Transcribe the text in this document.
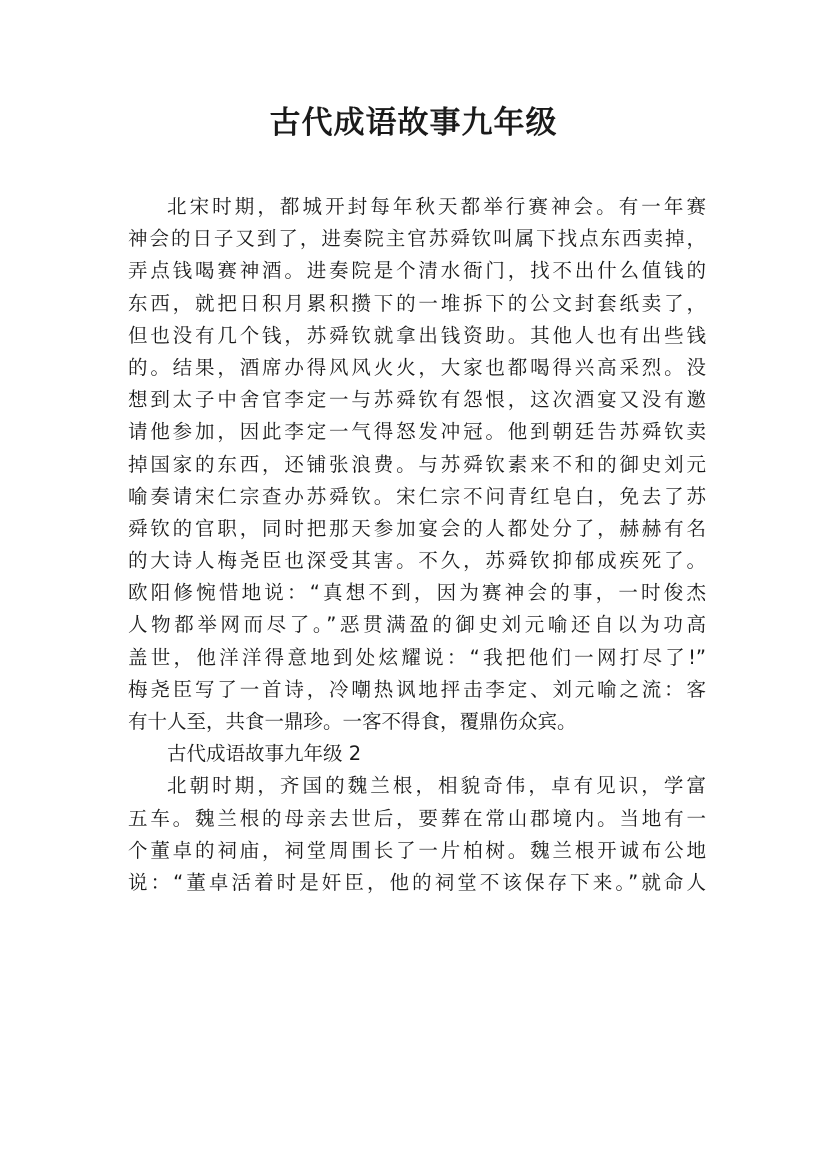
古代成语故事九年级
北宋时期，都城开封每年秋天都举行赛神会。有一年赛
神会的日子又到了，进奏院主官苏舜钦叫属下找点东西卖掉，
弄点钱喝赛神酒。进奏院是个清水衙门，找不出什么值钱的
东西，就把日积月累积攒下的一堆拆下的公文封套纸卖了，
但也没有几个钱，苏舜钦就拿出钱资助。其他人也有出些钱
的。结果，酒席办得风风火火，大家也都喝得兴高采烈。没
想到太子中舍官李定一与苏舜钦有怨恨，这次酒宴又没有邀
请他参加，因此李定一气得怒发冲冠。他到朝廷告苏舜钦卖
掉国家的东西，还铺张浪费。与苏舜钦素来不和的御史刘元
喻奏请宋仁宗查办苏舜钦。宋仁宗不问青红皂白，免去了苏
舜钦的官职，同时把那天参加宴会的人都处分了，赫赫有名
的大诗人梅尧臣也深受其害。不久，苏舜钦抑郁成疾死了。
欧阳修惋惜地说：“真想不到，因为赛神会的事，一时俊杰
人物都举网而尽了。”恶贯满盈的御史刘元喻还自以为功高
盖世，他洋洋得意地到处炫耀说：“我把他们一网打尽了!”
梅尧臣写了一首诗，冷嘲热讽地抨击李定、刘元喻之流：客
有十人至，共食一鼎珍。一客不得食，覆鼎伤众宾。
古代成语故事九年级 2
北朝时期，齐国的魏兰根，相貌奇伟，卓有见识，学富
五车。魏兰根的母亲去世后，要葬在常山郡境内。当地有一
个董卓的祠庙，祠堂周围长了一片柏树。魏兰根开诚布公地
说：“董卓活着时是奸臣，他的祠堂不该保存下来。”就命人
